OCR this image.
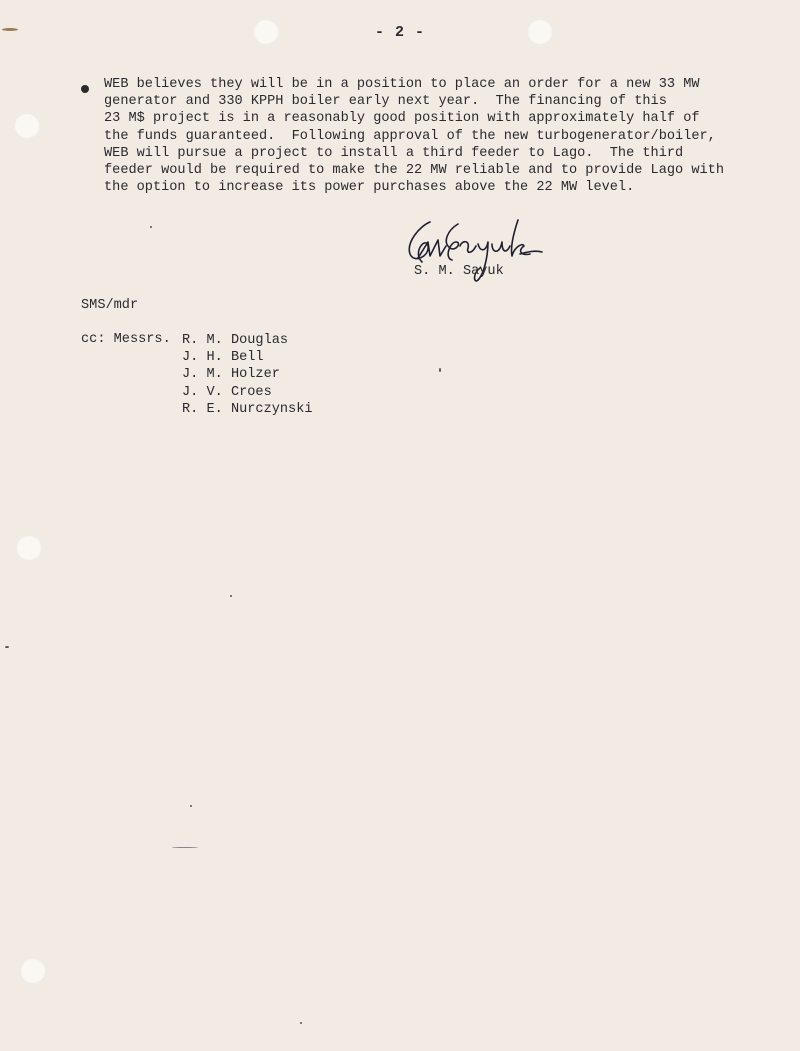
- 2 -
WEB believes they will be in a position to place an order for a new 33 MW
generator and 330 KPPH boiler early next year.  The financing of this
23 M$ project is in a reasonably good position with approximately half of
the funds guaranteed.  Following approval of the new turbogenerator/boiler,
WEB will pursue a project to install a third feeder to Lago.  The third
feeder would be required to make the 22 MW reliable and to provide Lago with
the option to increase its power purchases above the 22 MW level.
S. M. Sayuk
SMS/mdr
cc: Messrs. R. M. Douglas
J. H. Bell
J. M. Holzer
J. V. Croes
R. E. Nurczynski
